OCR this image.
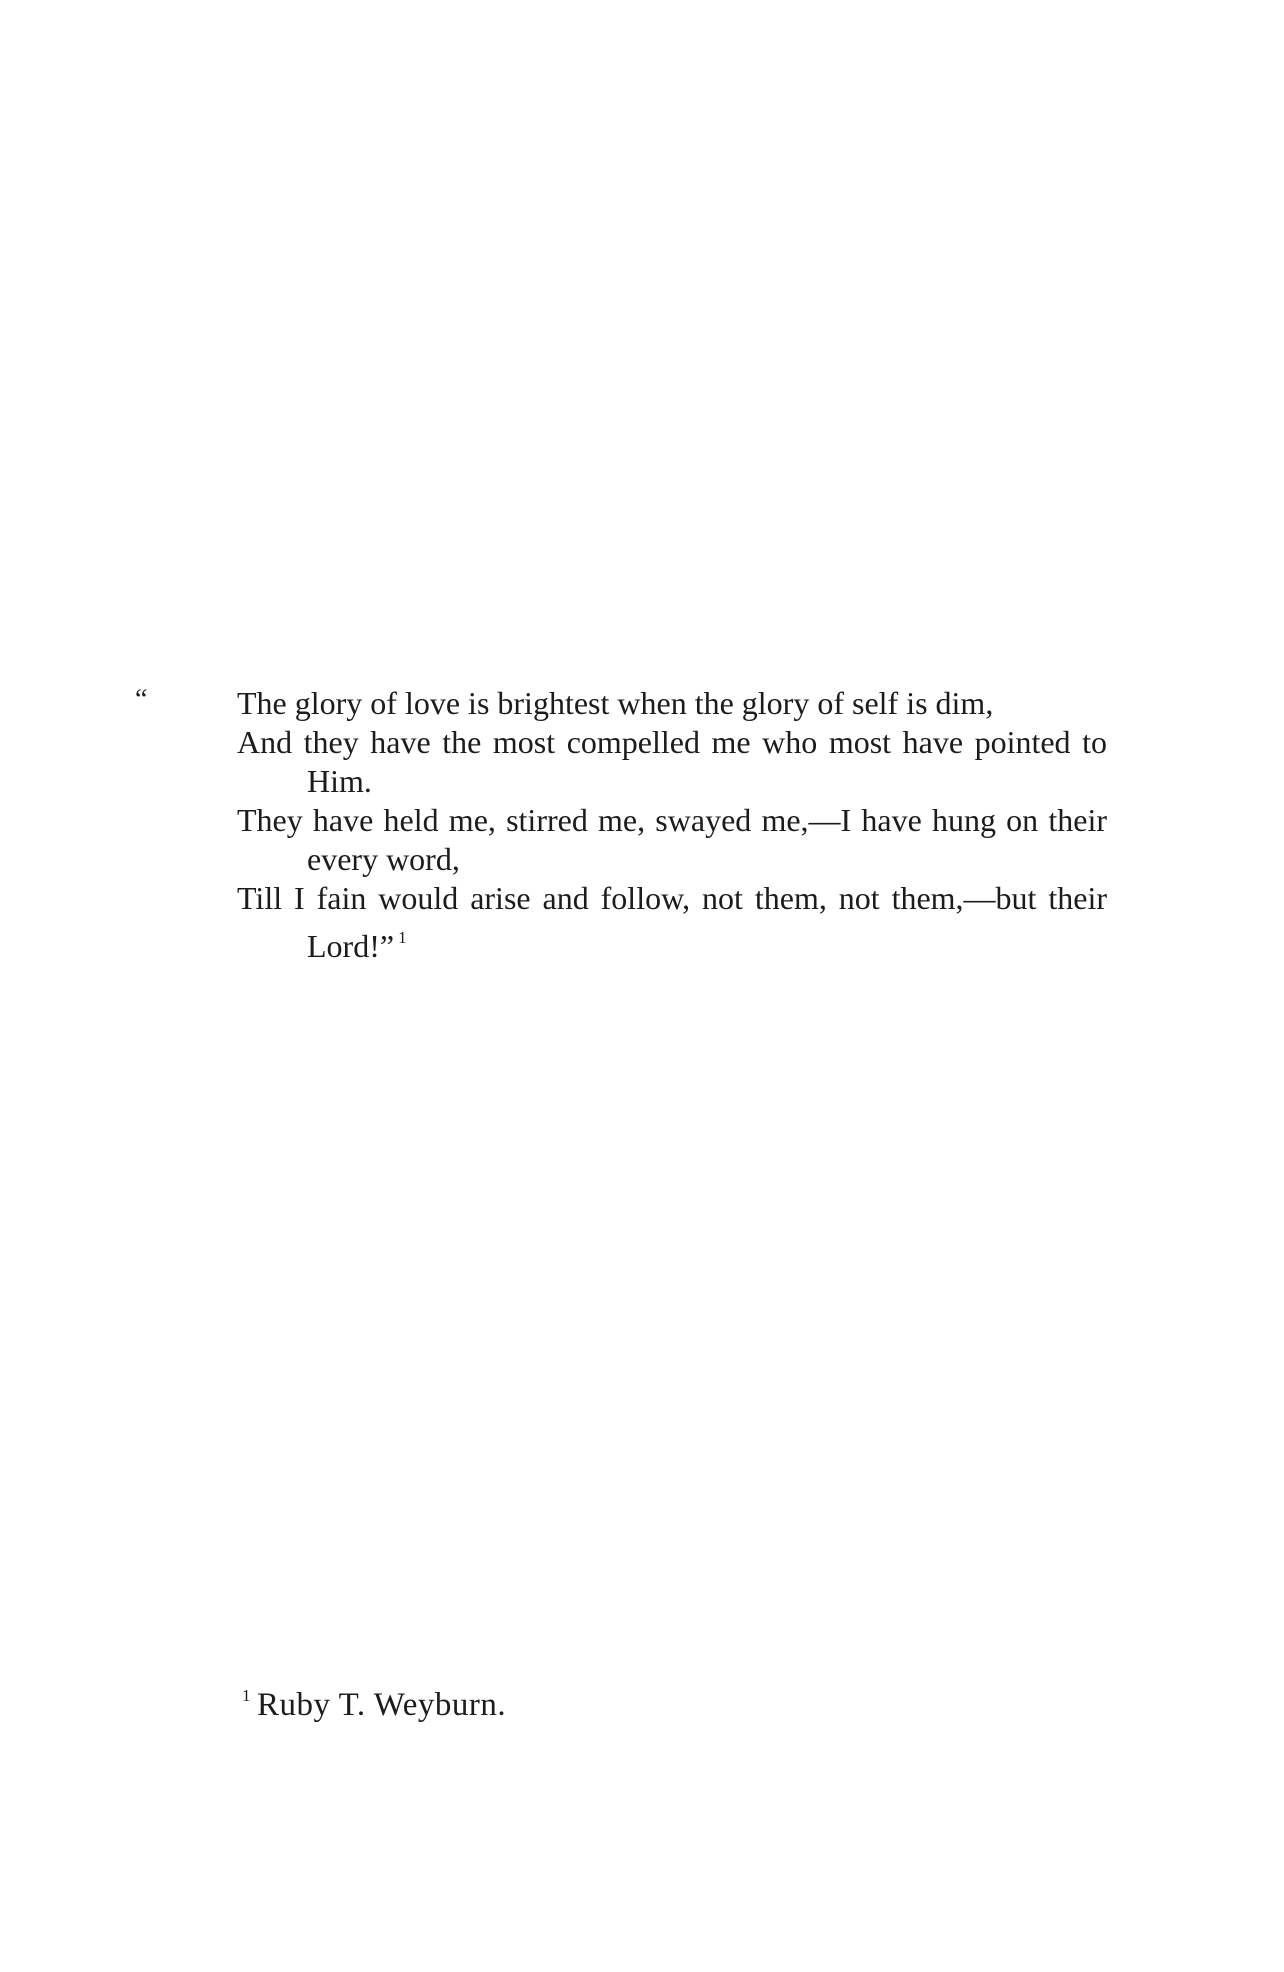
“	The glory of love is brightest when the glory of self is dim,

And they have the most compelled me who most have pointed to Him.

They have held me, stirred me, swayed me,—I have hung on their every word,

Till I fain would arise and follow, not them, not them,—but their Lord!” $^1$

$^1$ Ruby T. Weyburn.
